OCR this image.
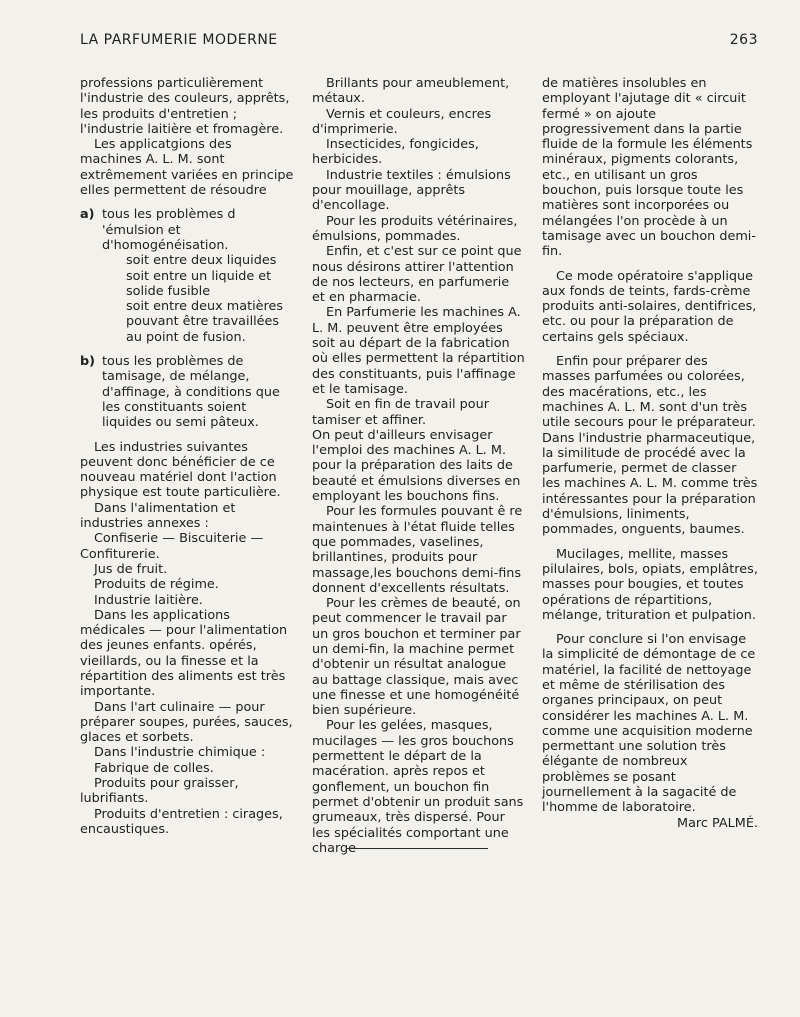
LA PARFUMERIE MODERNE	263

professions particulièrement l'industrie des couleurs, apprêts, les produits d'entretien ; l'industrie laitière et fromagère.

Les applicatgions des machines A. L. M. sont extrêmement variées en principe elles permettent de résoudre

a) tous les problèmes d 'émulsion et d'homogénéisation.

soit entre deux liquides

soit entre un liquide et solide fusible

soit entre deux matières pouvant être travaillées au point de fusion.

b) tous les problèmes de tamisage, de mélange, d'affinage, à conditions que les constituants soient liquides ou semi pâteux.

Les industries suivantes peuvent donc bénéficier de ce nouveau matériel dont l'action physique est toute particulière.

Dans l'alimentation et industries annexes :

Confiserie — Biscuiterie — Confiturerie.

Jus de fruit.

Produits de régime.

Industrie laitière.

Dans les applications médicales — pour l'alimentation des jeunes enfants. opérés, vieillards, ou la finesse et la répartition des aliments est très importante.

Dans l'art culinaire — pour préparer soupes, purées, sauces, glaces et sorbets.

Dans l'industrie chimique :

Fabrique de colles.

Produits pour graisser, lubrifiants.

Produits d'entretien : cirages, encaustiques.

Brillants pour ameublement, métaux.

Vernis et couleurs, encres d'imprimerie.

Insecticides, fongicides, herbicides.

Industrie textiles : émulsions pour mouillage, apprêts d'encollage.

Pour les produits vétérinaires, émulsions, pommades.

Enfin, et c'est sur ce point que nous désirons attirer l'attention de nos lecteurs, en parfumerie et en pharmacie.

En Parfumerie les machines A. L. M. peuvent être employées soit au départ de la fabrication où elles permettent la répartition des constituants, puis l'affinage et le tamisage.

Soit en fin de travail pour tamiser et affiner.

On peut d'ailleurs envisager l'emploi des machines A. L. M. pour la préparation des laits de beauté et émulsions diverses en employant les bouchons fins.

Pour les formules pouvant ê re maintenues à l'état fluide telles que pommades, vaselines, brillantines, produits pour massage,les bouchons demi-fins donnent d'excellents résultats.

Pour les crèmes de beauté, on peut commencer le travail par un gros bouchon et terminer par un demi-fin, la machine permet d'obtenir un résultat analogue au battage classique, mais avec une finesse et une homogénéité bien supérieure.

Pour les gelées, masques, mucilages — les gros bouchons permettent le départ de la macération. après repos et gonflement, un bouchon fin permet d'obtenir un produit sans grumeaux, très dispersé. Pour les spécialités comportant une charge

de matières insolubles en employant l'ajutage dit « circuit fermé » on ajoute progressivement dans la partie fluide de la formule les éléments minéraux, pigments colorants, etc., en utilisant un gros bouchon, puis lorsque toute les matières sont incorporées ou mélangées l'on procède à un tamisage avec un bouchon demi-fin.

Ce mode opératoire s'applique aux fonds de teints, fards-crème produits anti-solaires, dentifrices, etc. ou pour la préparation de certains gels spéciaux.

Enfin pour préparer des masses parfumées ou colorées, des macérations, etc., les machines A. L. M. sont d'un très utile secours pour le préparateur. Dans l'industrie pharmaceutique, la similitude de procédé avec la parfumerie, permet de classer les machines A. L. M. comme très intéressantes pour la préparation d'émulsions, liniments, pommades, onguents, baumes.

Mucilages, mellite, masses pilulaires, bols, opiats, emplâtres, masses pour bougies, et toutes opérations de répartitions, mélange, trituration et pulpation.

Pour conclure si l'on envisage la simplicité de démontage de ce matériel, la facilité de nettoyage et même de stérilisation des organes principaux, on peut considérer les machines A. L. M. comme une acquisition moderne permettant une solution très élégante de nombreux problèmes se posant journellement à la sagacité de l'homme de laboratoire.

Marc PALMÉ.
